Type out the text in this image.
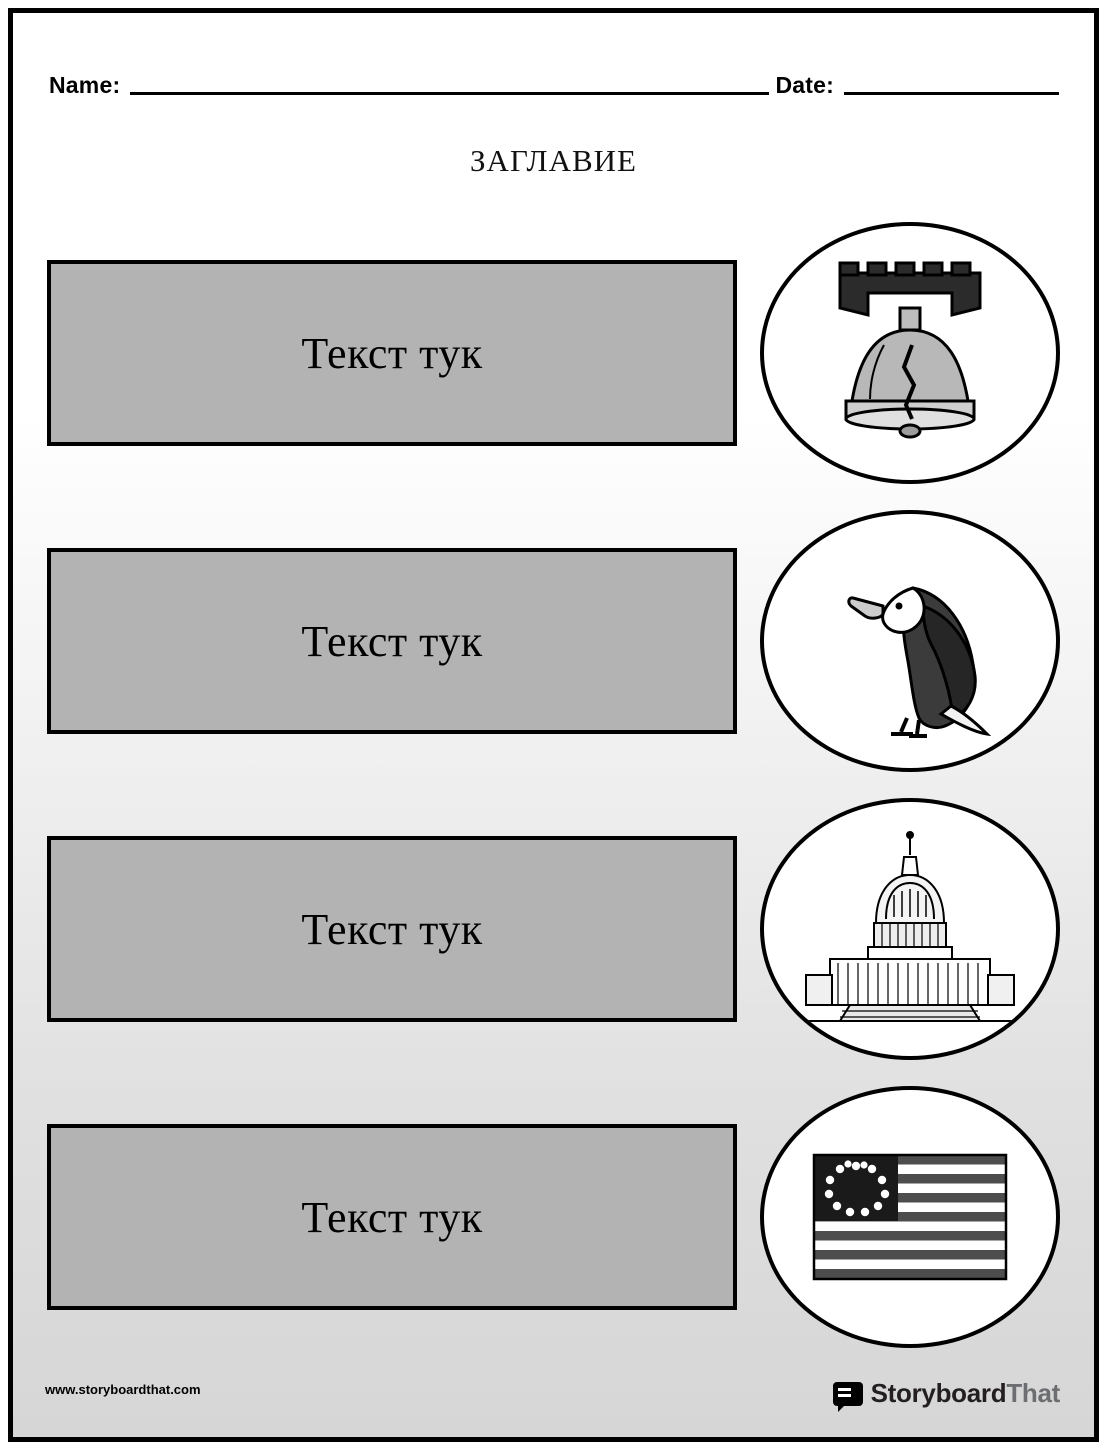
Name:	Date:
ЗАГЛАВИЕ
Текст тук
Текст тук
Текст тук
Текст тук
www.storyboardthat.com	StoryboardThat
